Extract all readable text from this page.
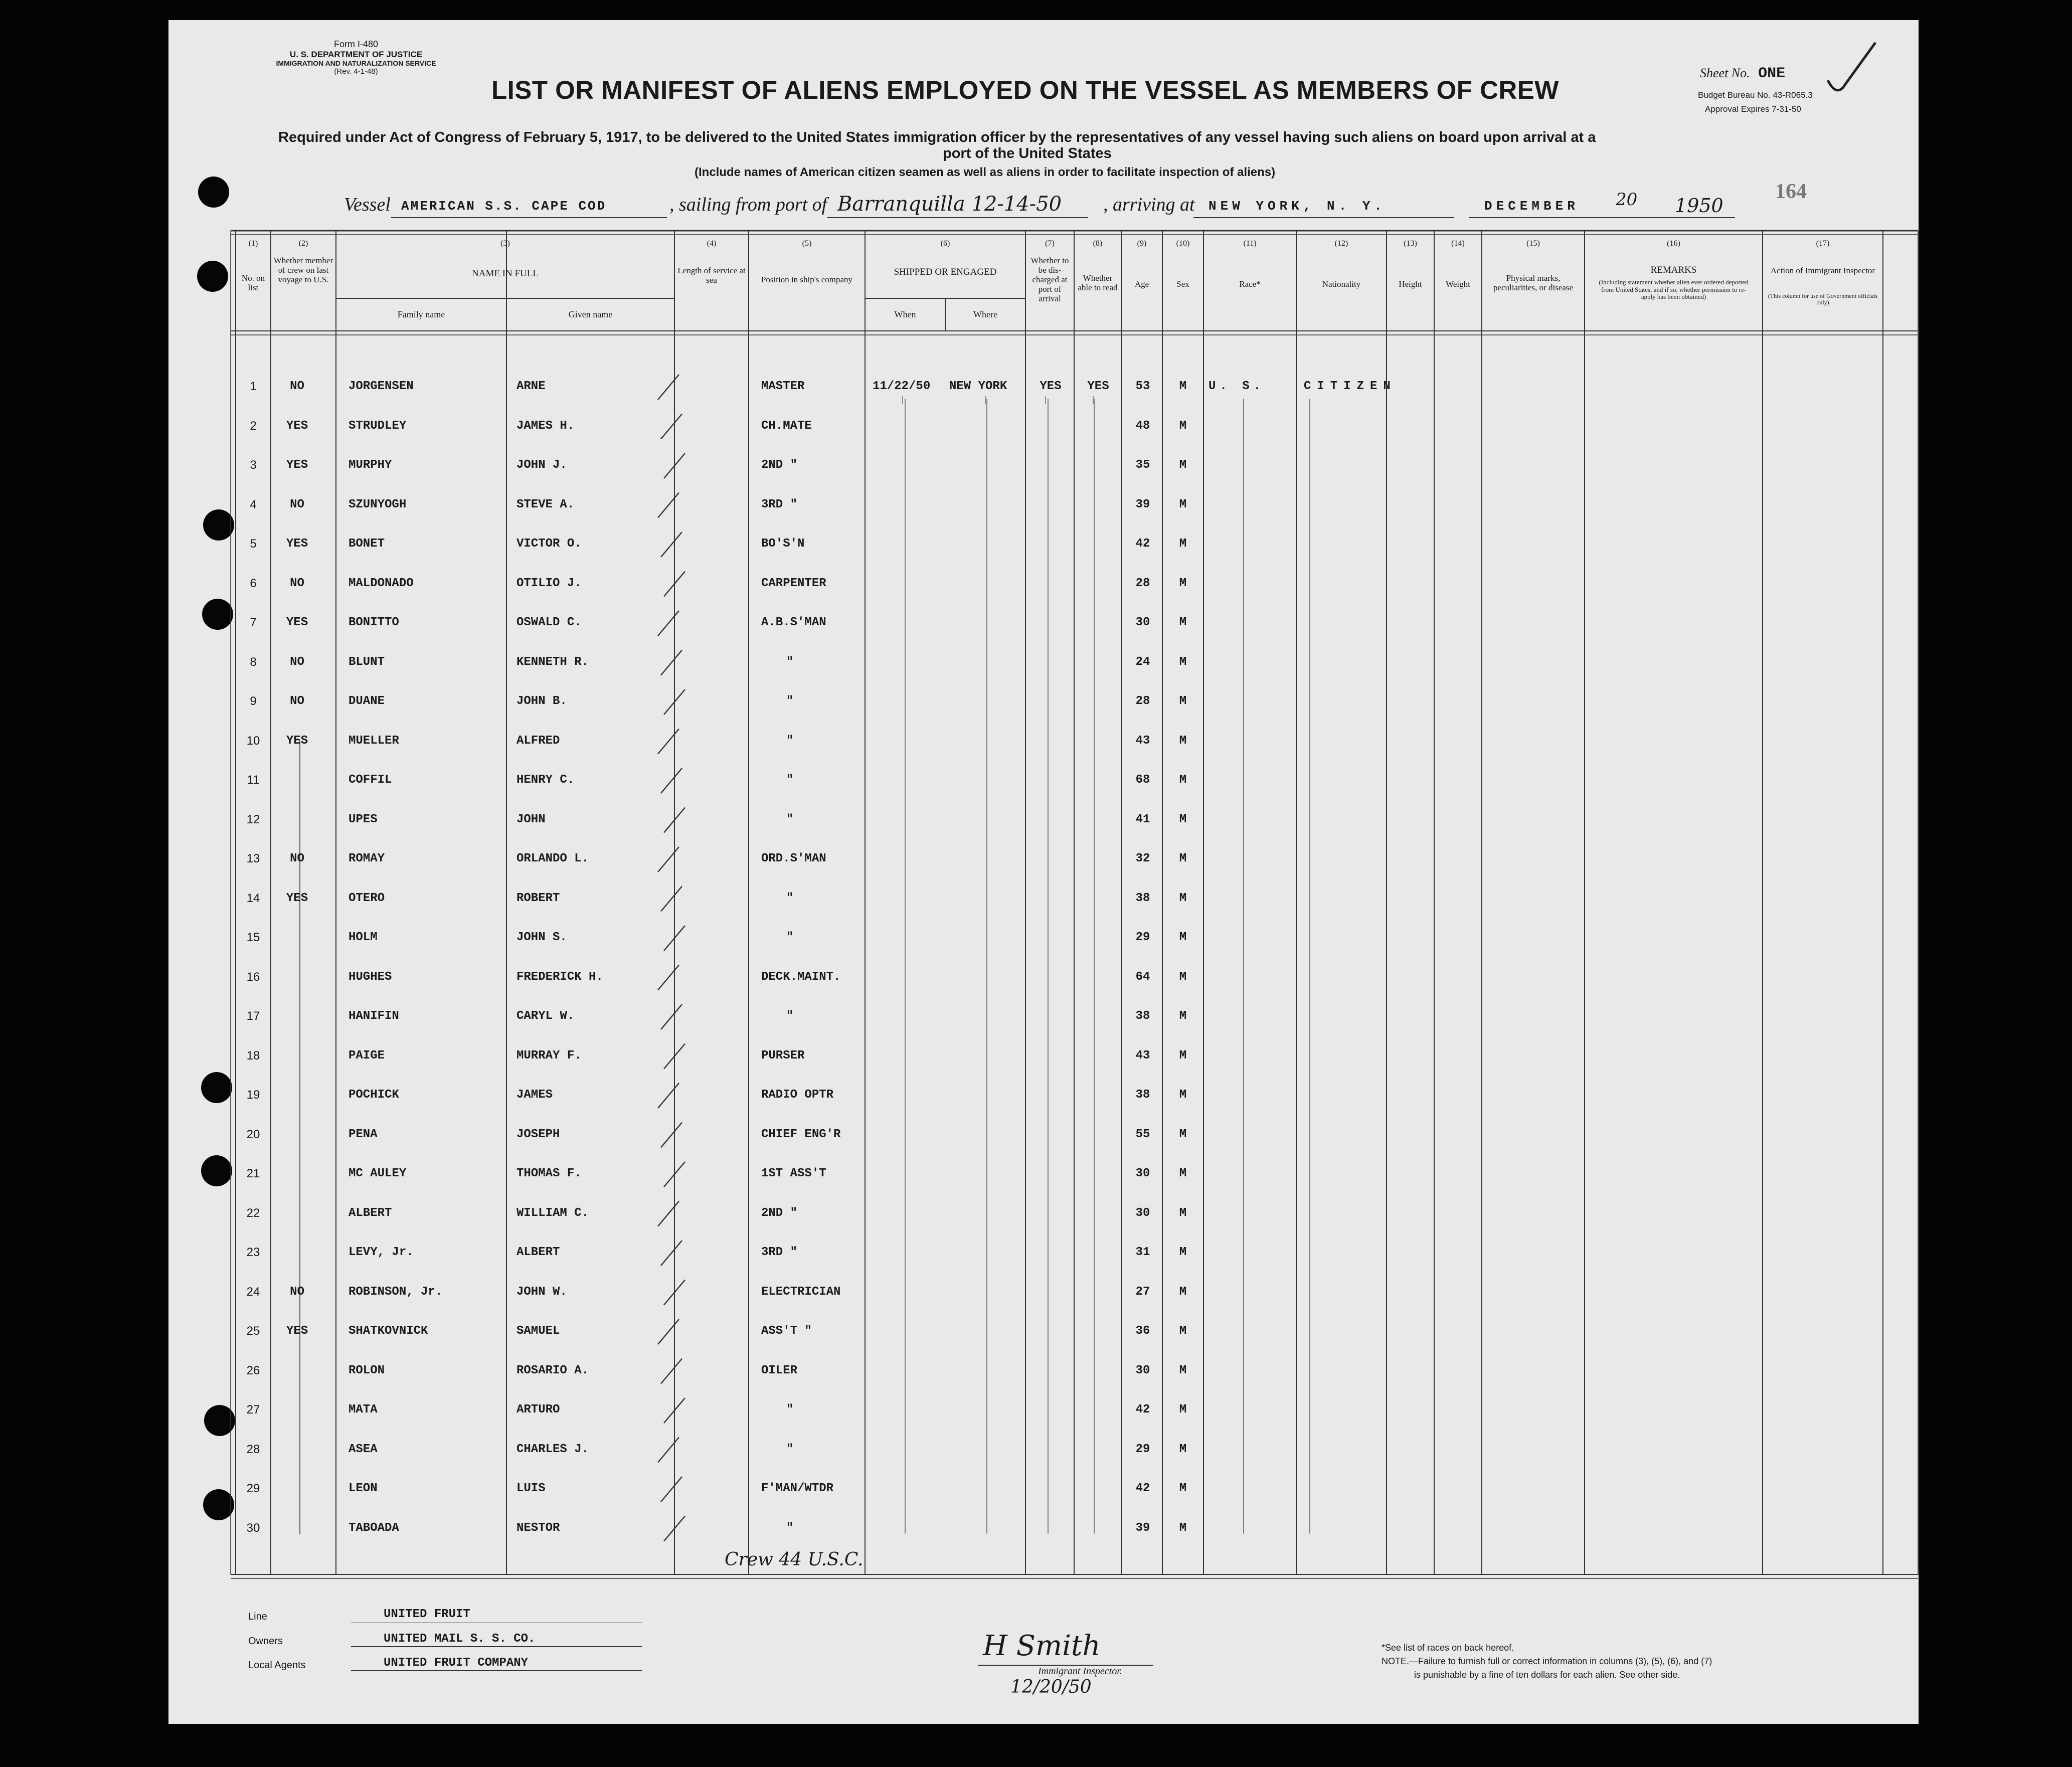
Form I-480
U. S. DEPARTMENT OF JUSTICE
IMMIGRATION AND NATURALIZATION SERVICE
(Rev. 4-1-48)
LIST OR MANIFEST OF ALIENS EMPLOYED ON THE VESSEL AS MEMBERS OF CREW
Sheet No. ONE
Budget Bureau No. 43-R065.3
Approval Expires 7-31-50
Required under Act of Congress of February 5, 1917, to be delivered to the United States immigration officer by the representatives of any vessel having such aliens on board upon arrival at a
port of the United States
(Include names of American citizen seamen as well as aliens in order to facilitate inspection of aliens)
164
Vessel AMERICAN S.S. CAPE COD	, sailing from port of Barranquilla 12-14-50 , arriving at NEW YORK, N. Y.	DECEMBER 20 1950
(1)
No. on list
(2)
Whether member of crew on last voyage to U.S.
(3)
NAME IN FULL
(4)
Length of service at sea
(5)
Position in ship's company
(6)
SHIPPED OR ENGAGED
(7)
Whether to be dis-charged at port of arrival
(8)
Whether able to read
(9)
Age
(10)
Sex
(11)
Race*
(12)
Nationality
(13)
Height
(14)
Weight
(15)
Physical marks, peculiarities, or disease
(16)
REMARKS
(17)
Action of Immigrant Inspector
Family name	Given name	When	Where
(Including statement whether alien ever ordered deported from United States, and if so, whether permission to re-apply has been obtained)	(This column for use of Government officials only)
1	NO	JORGENSEN	ARNE	MASTER	11/22/50	NEW YORK	YES	YES	53	M	U. S.	CITIZEN
2	YES	STRUDLEY	JAMES H.	CH.MATE	48	M
3	YES	MURPHY	JOHN J.	2ND "	35	M
4	NO	SZUNYOGH	STEVE A.	3RD "	39	M
5	YES	BONET	VICTOR O.	BO'S'N	42	M
6	NO	MALDONADO	OTILIO J.	CARPENTER	28	M
7	YES	BONITTO	OSWALD C.	A.B.S'MAN	30	M
8	NO	BLUNT	KENNETH R.	"	24	M
9	NO	DUANE	JOHN B.	"	28	M
10	YES	MUELLER	ALFRED	"	43	M
11	COFFIL	HENRY C.	"	68	M
12	UPES	JOHN	"	41	M
13	NO	ROMAY	ORLANDO L.	ORD.S'MAN	32	M
14	YES	OTERO	ROBERT	"	38	M
15	HOLM	JOHN S.	"	29	M
16	HUGHES	FREDERICK H.	DECK.MAINT.	64	M
17	HANIFIN	CARYL W.	"	38	M
18	PAIGE	MURRAY F.	PURSER	43	M
19	POCHICK	JAMES	RADIO OPTR	38	M
20	PENA	JOSEPH	CHIEF ENG'R	55	M
21	MC AULEY	THOMAS F.	1ST ASS'T	30	M
22	ALBERT	WILLIAM C.	2ND "	30	M
23	LEVY, Jr.	ALBERT	3RD "	31	M
24	NO	ROBINSON, Jr.	JOHN W.	ELECTRICIAN	27	M
25	YES	SHATKOVNICK	SAMUEL	ASS'T "	36	M
26	ROLON	ROSARIO A.	OILER	30	M
27	MATA	ARTURO	"	42	M
28	ASEA	CHARLES J.	"	29	M
29	LEON	LUIS	F'MAN/WTDR	42	M
30	TABOADA	NESTOR	"	39	M
Crew 44 U.S.C.
Line	UNITED FRUIT
Owners	UNITED MAIL S. S. CO.
Local Agents	UNITED FRUIT COMPANY
H Smith
Immigrant Inspector.
12/20/50
*See list of races on back hereof.
NOTE.—Failure to furnish full or correct information in columns (3), (5), (6), and (7)
is punishable by a fine of ten dollars for each alien. See other side.
